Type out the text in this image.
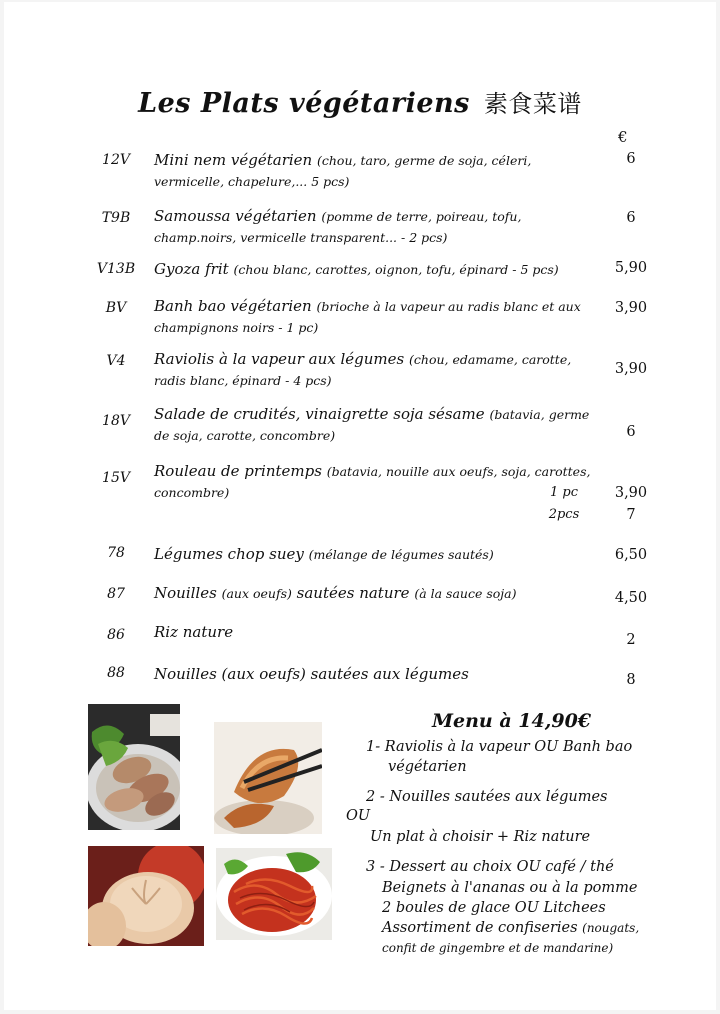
Les Plats végétariens 素食菜谱
€
12V	Mini nem végétarien (chou, taro, germe de soja, céleri, vermicelle, chapelure,... 5 pcs)
6
T9B	Samoussa végétarien (pomme de terre, poireau, tofu, champ.noirs, vermicelle transparent... - 2 pcs)
6
V13B	Gyoza frit (chou blanc, carottes, oignon, tofu, épinard - 5 pcs)	5,90
BV	Banh bao végétarien (brioche à la vapeur au radis blanc et aux champignons noirs - 1 pc)
3,90
V4	Raviolis à la vapeur aux légumes (chou, edamame, carotte, radis blanc, épinard - 4 pcs)
3,90
18V	Salade de crudités, vinaigrette soja sésame (batavia, germe de soja, carotte, concombre)	6
15V	Rouleau de printemps (batavia, nouille aux oeufs, soja, carottes, concombre)	1 pc	3,90
2pcs	7
78	Légumes chop suey (mélange de légumes sautés)	6,50
87	Nouilles (aux oeufs) sautées nature (à la sauce soja)	4,50
86	Riz nature	2
88	Nouilles (aux oeufs) sautées aux légumes	8
Menu à 14,90€
1- Raviolis à la vapeur OU Banh bao
végétarien
2 - Nouilles sautées aux légumes
OU
Un plat à choisir + Riz nature
3 - Dessert au choix OU café / thé
Beignets à l'ananas ou à la pomme
2 boules de glace OU Litchees
Assortiment de confiseries (nougats,
confit de gingembre et de mandarine)
